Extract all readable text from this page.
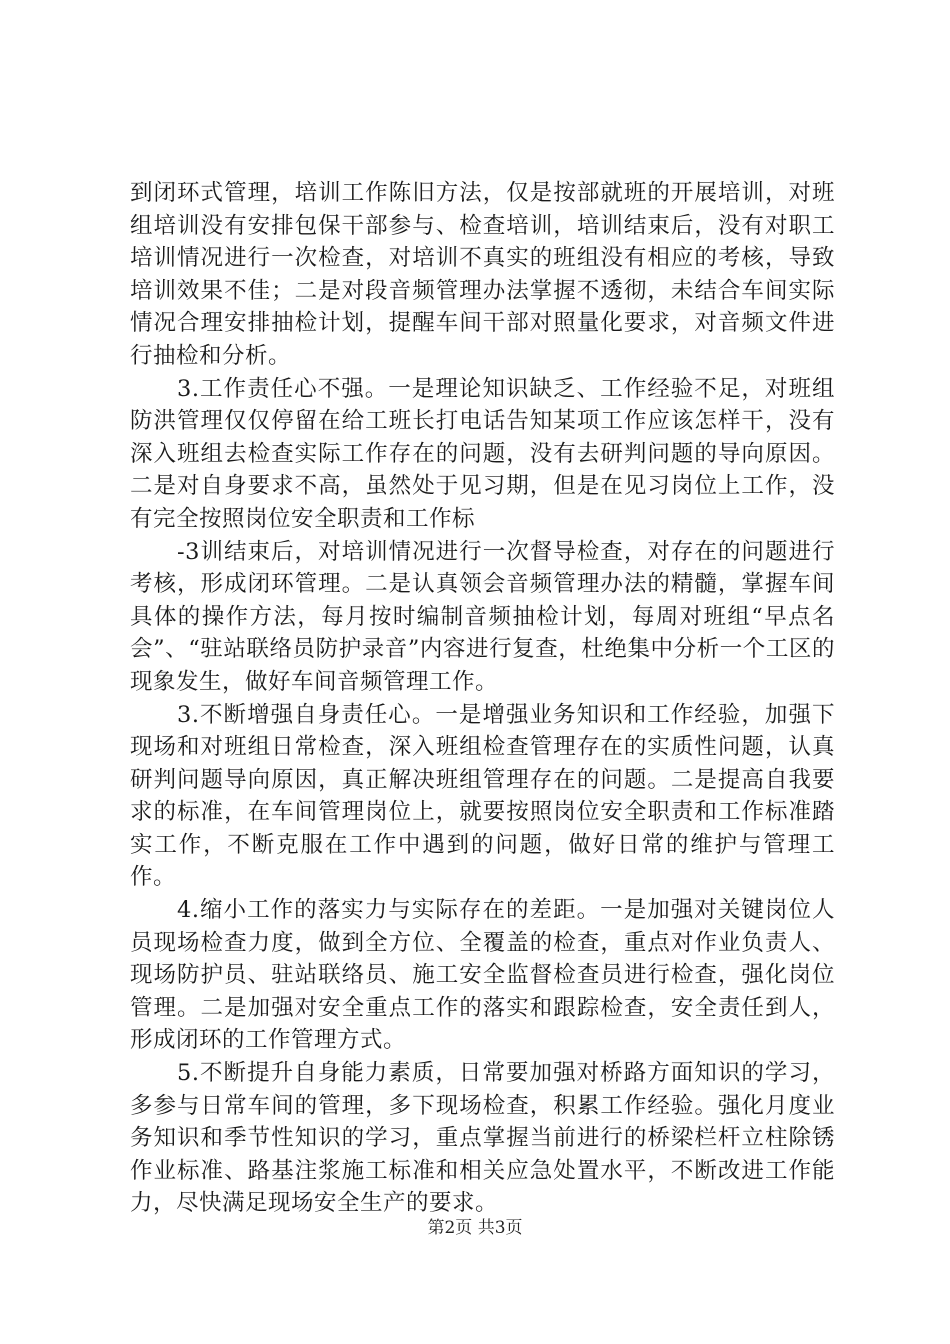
到闭环式管理，培训工作陈旧方法，仅是按部就班的开展培训，对班组培训没有安排包保干部参与、检查培训，培训结束后，没有对职工培训情况进行一次检查，对培训不真实的班组没有相应的考核，导致培训效果不佳；二是对段音频管理办法掌握不透彻，未结合车间实际情况合理安排抽检计划，提醒车间干部对照量化要求，对音频文件进行抽检和分析。

3.工作责任心不强。一是理论知识缺乏、工作经验不足，对班组防洪管理仅仅停留在给工班长打电话告知某项工作应该怎样干，没有深入班组去检查实际工作存在的问题，没有去研判问题的导向原因。二是对自身要求不高，虽然处于见习期，但是在见习岗位上工作，没有完全按照岗位安全职责和工作标

-3训结束后，对培训情况进行一次督导检查，对存在的问题进行考核，形成闭环管理。二是认真领会音频管理办法的精髓，掌握车间具体的操作方法，每月按时编制音频抽检计划，每周对班组“早点名会”、“驻站联络员防护录音”内容进行复查，杜绝集中分析一个工区的现象发生，做好车间音频管理工作。

3.不断增强自身责任心。一是增强业务知识和工作经验，加强下现场和对班组日常检查，深入班组检查管理存在的实质性问题，认真研判问题导向原因，真正解决班组管理存在的问题。二是提高自我要求的标准，在车间管理岗位上，就要按照岗位安全职责和工作标准踏实工作，不断克服在工作中遇到的问题，做好日常的维护与管理工作。

4.缩小工作的落实力与实际存在的差距。一是加强对关键岗位人员现场检查力度，做到全方位、全覆盖的检查，重点对作业负责人、现场防护员、驻站联络员、施工安全监督检查员进行检查，强化岗位管理。二是加强对安全重点工作的落实和跟踪检查，安全责任到人，形成闭环的工作管理方式。

5.不断提升自身能力素质，日常要加强对桥路方面知识的学习，多参与日常车间的管理，多下现场检查，积累工作经验。强化月度业务知识和季节性知识的学习，重点掌握当前进行的桥梁栏杆立柱除锈作业标准、路基注浆施工标准和相关应急处置水平，不断改进工作能力，尽快满足现场安全生产的要求。

第2页 共3页
